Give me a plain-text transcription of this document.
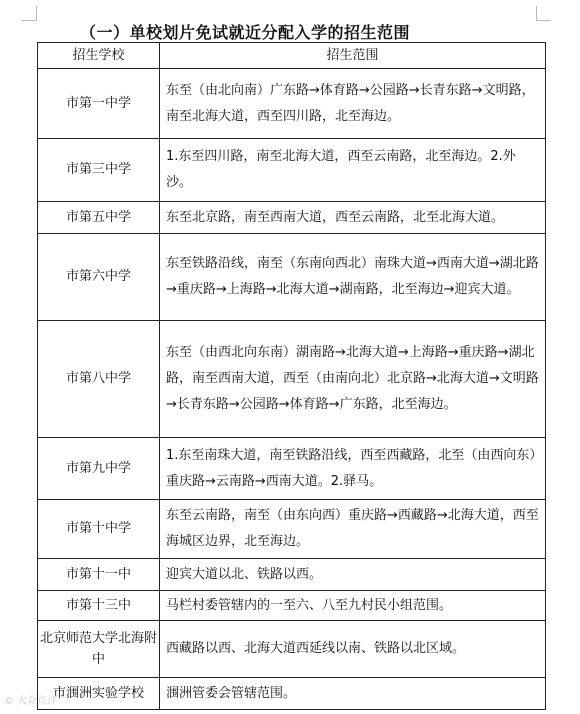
（一）单校划片免试就近分配入学的招生范围
招生学校	招生范围
市第一中学	东至（由北向南）广东路→体育路→公园路→长青东路→文明路，南至北海大道，西至四川路，北至海边。
市第三中学	1.东至四川路，南至北海大道，西至云南路，北至海边。2.外沙。
市第五中学	东至北京路，南至西南大道，西至云南路，北至北海大道。
市第六中学	东至铁路沿线，南至（东南向西北）南珠大道→西南大道→湖北路→重庆路→上海路→北海大道→湖南路，北至海边→迎宾大道。
市第八中学	东至（由西北向东南）湖南路→北海大道→上海路→重庆路→湖北路，南至西南大道，西至（由南向北）北京路→北海大道→文明路→长青东路→公园路→体育路→广东路，北至海边。
市第九中学	1.东至南珠大道，南至铁路沿线，西至西藏路，北至（由西向东）重庆路→云南路→西南大道。2.驿马。
市第十中学	东至云南路，南至（由东向西）重庆路→西藏路→北海大道，西至海城区边界，北至海边。
市第十一中	迎宾大道以北、铁路以西。
市第十三中	马栏村委管辖内的一至六、八至九村民小组范围。
北京师范大学北海附中	西藏路以西、北海大道西延线以南、铁路以北区域。
市涠洲实验学校	涠洲管委会管辖范围。
© 大众点评
